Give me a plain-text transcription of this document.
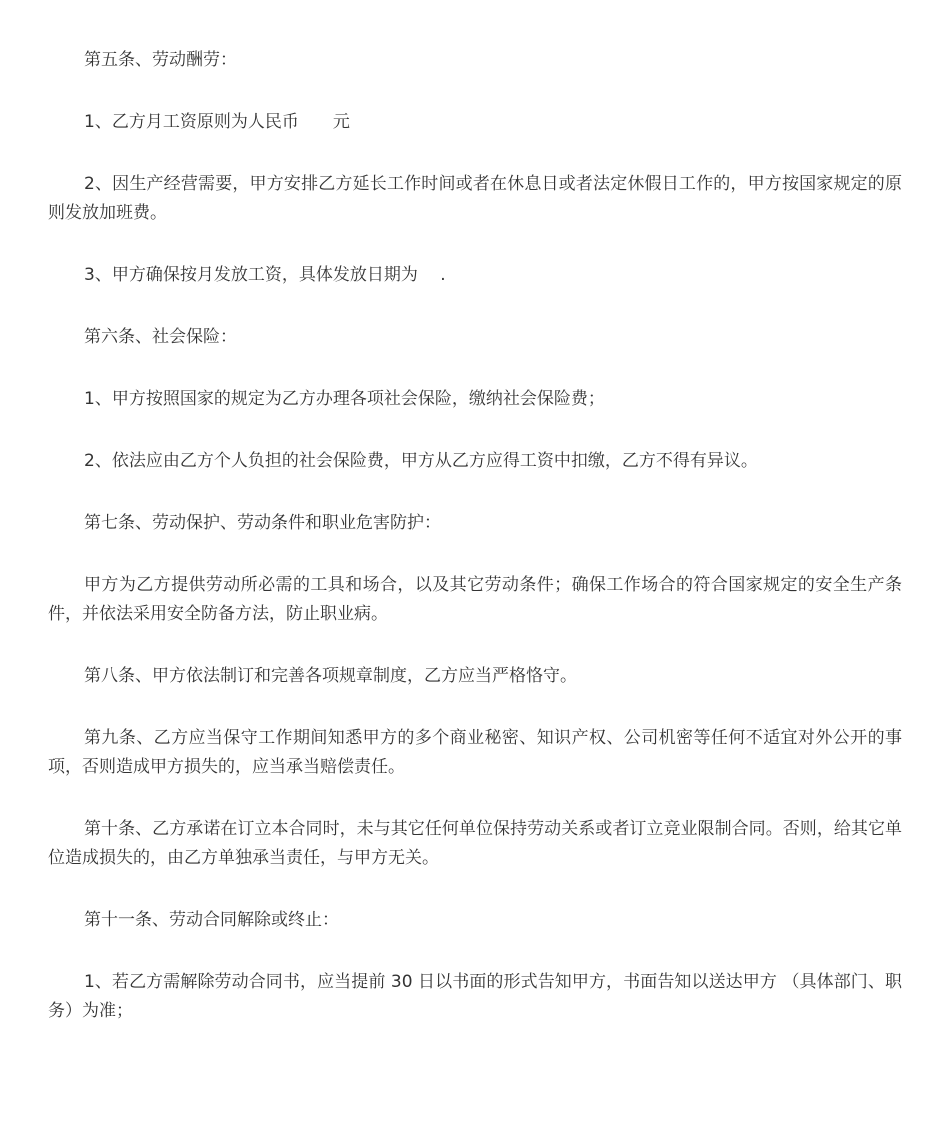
第五条、劳动酬劳：

1、乙方月工资原则为人民币　　元

2、因生产经营需要，甲方安排乙方延长工作时间或者在休息日或者法定休假日工作的，甲方按国家规定的原则发放加班费。

3、甲方确保按月发放工资，具体发放日期为　 .

第六条、社会保险：

1、甲方按照国家的规定为乙方办理各项社会保险，缴纳社会保险费；

2、依法应由乙方个人负担的社会保险费，甲方从乙方应得工资中扣缴，乙方不得有异议。

第七条、劳动保护、劳动条件和职业危害防护：

甲方为乙方提供劳动所必需的工具和场合，以及其它劳动条件；确保工作场合的符合国家规定的安全生产条件，并依法采用安全防备方法，防止职业病。

第八条、甲方依法制订和完善各项规章制度，乙方应当严格恪守。

第九条、乙方应当保守工作期间知悉甲方的多个商业秘密、知识产权、公司机密等任何不适宜对外公开的事项，否则造成甲方损失的，应当承当赔偿责任。

第十条、乙方承诺在订立本合同时，未与其它任何单位保持劳动关系或者订立竞业限制合同。否则，给其它单位造成损失的，由乙方单独承当责任，与甲方无关。

第十一条、劳动合同解除或终止：

1、若乙方需解除劳动合同书，应当提前 30 日以书面的形式告知甲方，书面告知以送达甲方 （具体部门、职务）为准；
